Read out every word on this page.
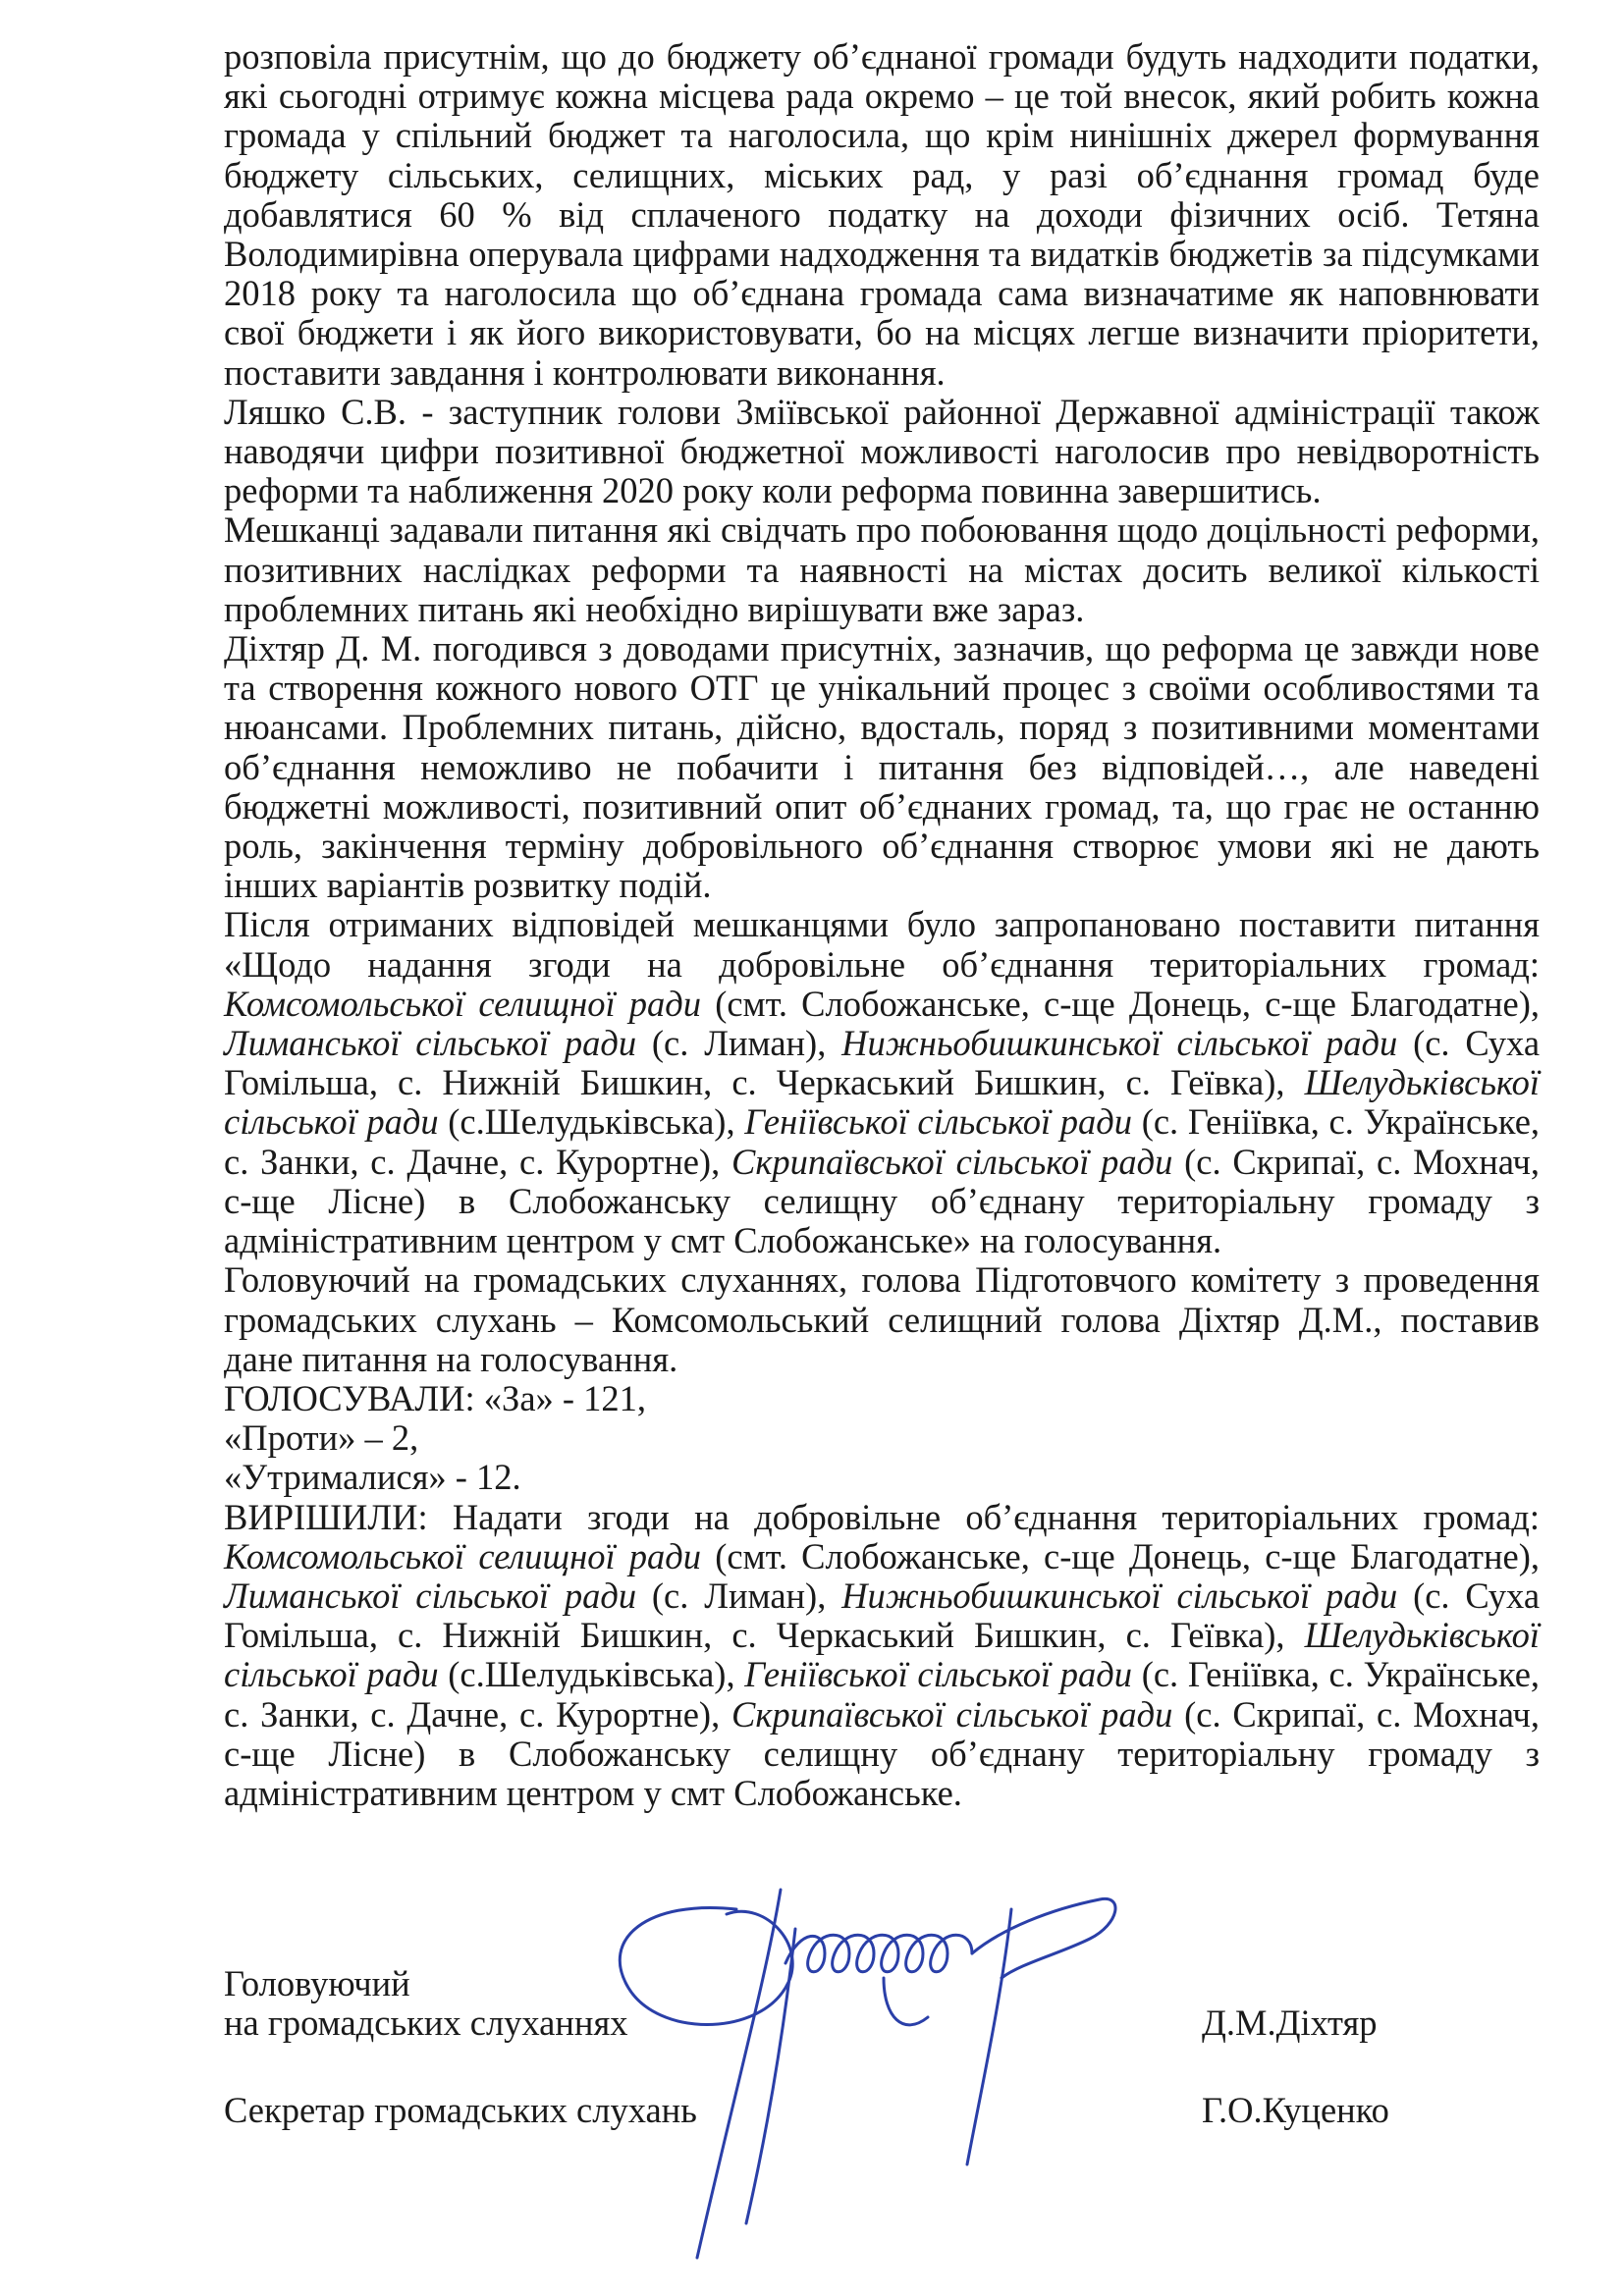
розповіла присутнім, що до бюджету об’єднаної громади будуть надходити податки, які сьогодні отримує кожна місцева рада окремо – це той внесок, який робить кожна громада у спільний бюджет та наголосила, що крім нинішніх джерел формування бюджету сільських, селищних, міських рад, у разі об’єднання громад буде добавлятися 60 % від сплаченого податку на доходи фізичних осіб. Тетяна Володимирівна оперувала цифрами надходження та видатків бюджетів за підсумками 2018 року та наголосила що об’єднана громада сама визначатиме як наповнювати свої бюджети і як його використовувати, бо на місцях легше визначити пріоритети, поставити завдання і контролювати виконання.

Ляшко С.В. - заступник голови Зміївської районної Державної адміністрації також наводячи цифри позитивної бюджетної можливості наголосив про невідворотність реформи та наближення 2020 року коли реформа повинна завершитись.

Мешканці задавали питання які свідчать про побоювання щодо доцільності реформи, позитивних наслідках реформи та наявності на містах досить великої кількості проблемних питань які необхідно вирішувати вже зараз.

Діхтяр Д. М. погодився з доводами присутніх, зазначив, що реформа це завжди нове та створення кожного нового ОТГ це унікальний процес з своїми особливостями та нюансами. Проблемних питань, дійсно, вдосталь, поряд з позитивними моментами об’єднання неможливо не побачити і питання без відповідей…, але наведені бюджетні можливості, позитивний опит об’єднаних громад, та, що грає не останню роль, закінчення терміну добровільного об’єднання створює умови які не дають інших варіантів розвитку подій.

Після отриманих відповідей мешканцями було запропановано поставити питання «Щодо надання згоди на добровільне об’єднання територіальних громад: Комсомольської селищної ради (смт. Слобожанське, с-ще Донець, с-ще Благодатне), Лиманської сільської ради (с. Лиман), Нижньобишкинської сільської ради (с. Суха Гомільша, с. Нижній Бишкин, с. Черкаський Бишкин, с. Геївка), Шелудьківської сільської ради (с.Шелудьківська), Геніївської сільської ради (с. Геніївка, с. Українське, с. Занки, с. Дачне, с. Курортне), Скрипаївської сільської ради (с. Скрипаї, с. Мохнач, с-ще Лісне) в Слобожанську селищну об’єднану територіальну громаду з адміністративним центром у смт Слобожанське» на голосування.

Головуючий на громадських слуханнях, голова Підготовчого комітету з проведення громадських слухань – Комсомольський селищний голова Діхтяр Д.М., поставив дане питання на голосування.

ГОЛОСУВАЛИ: «За» - 121,

«Проти» – 2,

«Утрималися» - 12.

ВИРІШИЛИ: Надати згоди на добровільне об’єднання територіальних громад: Комсомольської селищної ради (смт. Слобожанське, с-ще Донець, с-ще Благодатне), Лиманської сільської ради (с. Лиман), Нижньобишкинської сільської ради (с. Суха Гомільша, с. Нижній Бишкин, с. Черкаський Бишкин, с. Геївка), Шелудьківської сільської ради (с.Шелудьківська), Геніївської сільської ради (с. Геніївка, с. Українське, с. Занки, с. Дачне, с. Курортне), Скрипаївської сільської ради (с. Скрипаї, с. Мохнач, с-ще Лісне) в Слобожанську селищну об’єднану територіальну громаду з адміністративним центром у смт Слобожанське.

Головуючий
на громадських слуханнях	Д.М.Діхтяр
Секретар громадських слухань	Г.О.Куценко
